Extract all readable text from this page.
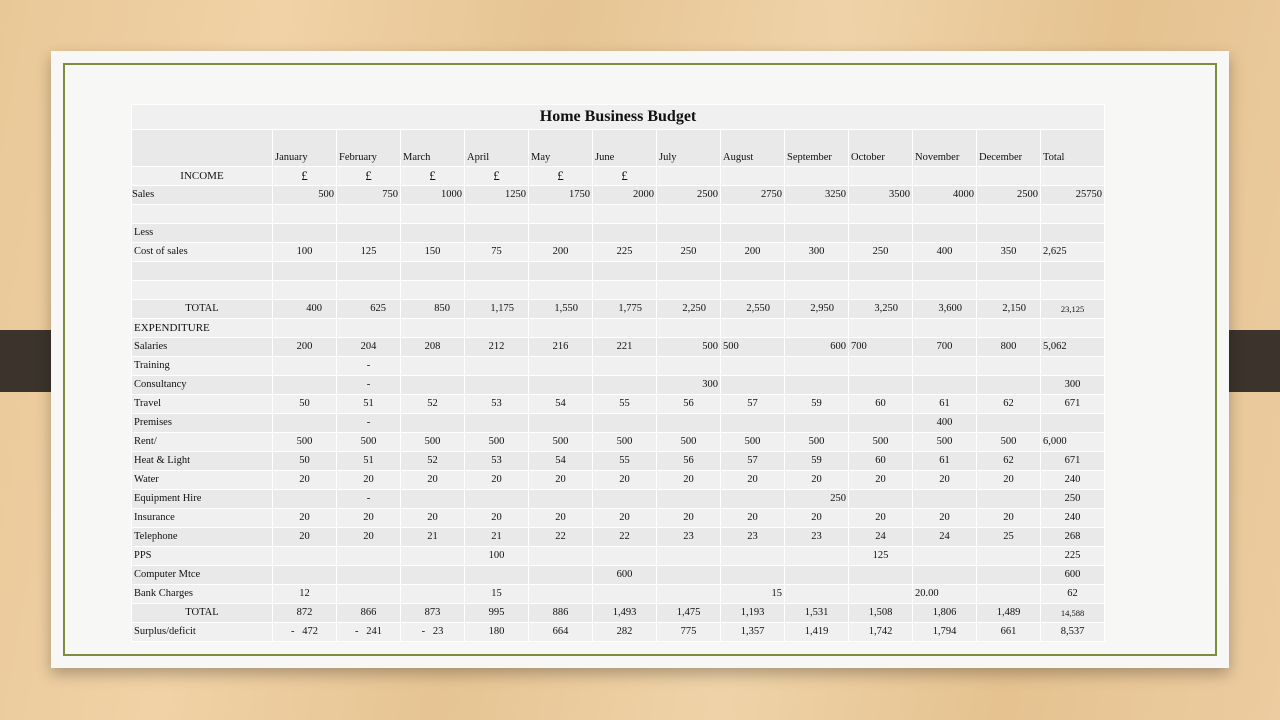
Home Business Budget													
	January	February	March	April	May	June	July	August	September	October	November	December	Total
INCOME	£	£	£	£	£	£							
Sales	500	750	1000	1250	1750	2000	2500	2750	3250	3500	4000	2500	25750

Less													
Cost of sales	100	125	150	75	200	225	250	200	300	250	400	350	2,625

TOTAL	400	625	850	1,175	1,550	1,775	2,250	2,550	2,950	3,250	3,600	2,150	23,125
EXPENDITURE													
Salaries	200	204	208	212	216	221	500	500	600	700	700	800	5,062
Training		-											
Consultancy		-					300						300
Travel	50	51	52	53	54	55	56	57	59	60	61	62	671
Premises		-									400		
Rent/	500	500	500	500	500	500	500	500	500	500	500	500	6,000
Heat & Light	50	51	52	53	54	55	56	57	59	60	61	62	671
Water	20	20	20	20	20	20	20	20	20	20	20	20	240
Equipment Hire		-							250				250
Insurance	20	20	20	20	20	20	20	20	20	20	20	20	240
Telephone	20	20	21	21	22	22	23	23	23	24	24	25	268
PPS				100						125			225
Computer Mtce						600							600
Bank Charges	12			15				15			20.00		62
TOTAL	872	866	873	995	886	1,493	1,475	1,193	1,531	1,508	1,806	1,489	14,588
Surplus/deficit	-   472	-   241	-   23	180	664	282	775	1,357	1,419	1,742	1,794	661	8,537
